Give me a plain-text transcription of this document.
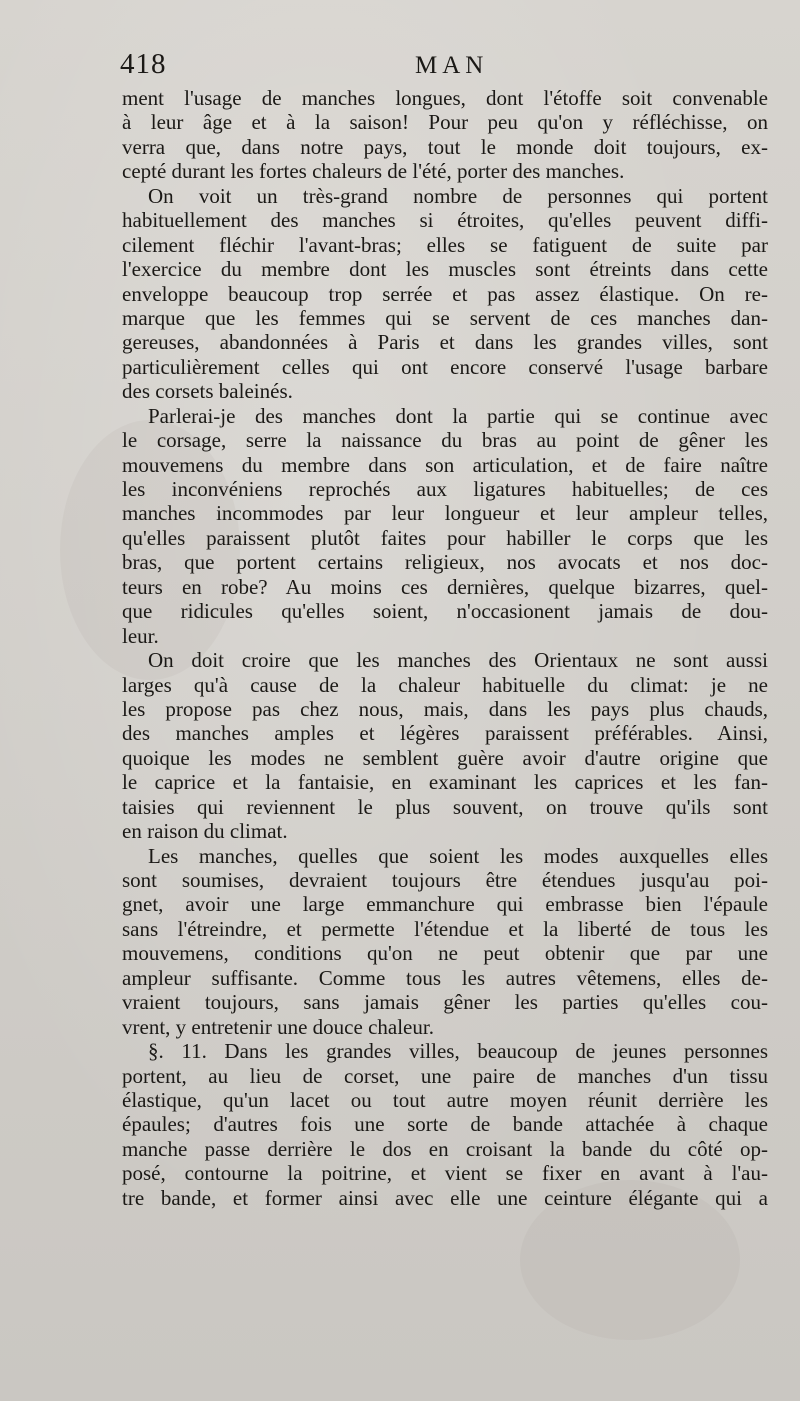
418	MAN
ment l'usage de manches longues, dont l'étoffe soit convenable
à leur âge et à la saison! Pour peu qu'on y réfléchisse, on
verra que, dans notre pays, tout le monde doit toujours, ex-
cepté durant les fortes chaleurs de l'été, porter des manches.
On voit un très-grand nombre de personnes qui portent
habituellement des manches si étroites, qu'elles peuvent diffi-
cilement fléchir l'avant-bras; elles se fatiguent de suite par
l'exercice du membre dont les muscles sont étreints dans cette
enveloppe beaucoup trop serrée et pas assez élastique. On re-
marque que les femmes qui se servent de ces manches dan-
gereuses, abandonnées à Paris et dans les grandes villes, sont
particulièrement celles qui ont encore conservé l'usage barbare
des corsets baleinés.
Parlerai-je des manches dont la partie qui se continue avec
le corsage, serre la naissance du bras au point de gêner les
mouvemens du membre dans son articulation, et de faire naître
les inconvéniens reprochés aux ligatures habituelles; de ces
manches incommodes par leur longueur et leur ampleur telles,
qu'elles paraissent plutôt faites pour habiller le corps que les
bras, que portent certains religieux, nos avocats et nos doc-
teurs en robe? Au moins ces dernières, quelque bizarres, quel-
que ridicules qu'elles soient, n'occasionent jamais de dou-
leur.
On doit croire que les manches des Orientaux ne sont aussi
larges qu'à cause de la chaleur habituelle du climat: je ne
les propose pas chez nous, mais, dans les pays plus chauds,
des manches amples et légères paraissent préférables. Ainsi,
quoique les modes ne semblent guère avoir d'autre origine que
le caprice et la fantaisie, en examinant les caprices et les fan-
taisies qui reviennent le plus souvent, on trouve qu'ils sont
en raison du climat.
Les manches, quelles que soient les modes auxquelles elles
sont soumises, devraient toujours être étendues jusqu'au poi-
gnet, avoir une large emmanchure qui embrasse bien l'épaule
sans l'étreindre, et permette l'étendue et la liberté de tous les
mouvemens, conditions qu'on ne peut obtenir que par une
ampleur suffisante. Comme tous les autres vêtemens, elles de-
vraient toujours, sans jamais gêner les parties qu'elles cou-
vrent, y entretenir une douce chaleur.
§. 11. Dans les grandes villes, beaucoup de jeunes personnes
portent, au lieu de corset, une paire de manches d'un tissu
élastique, qu'un lacet ou tout autre moyen réunit derrière les
épaules; d'autres fois une sorte de bande attachée à chaque
manche passe derrière le dos en croisant la bande du côté op-
posé, contourne la poitrine, et vient se fixer en avant à l'au-
tre bande, et former ainsi avec elle une ceinture élégante qui a
